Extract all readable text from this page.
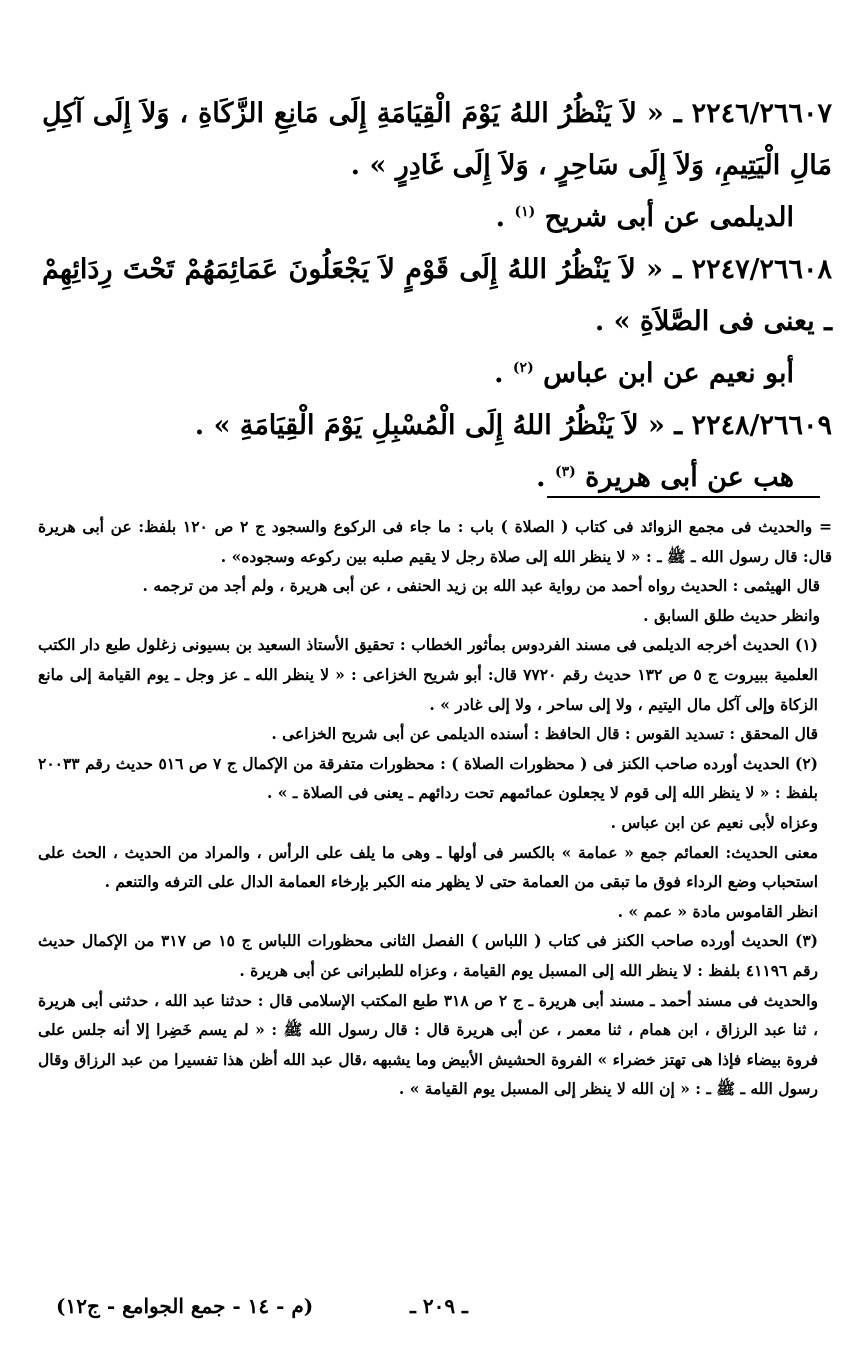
٢٢٤٦/٢٦٦٠٧ ـ « لاَ يَنْظُرُ اللهُ يَوْمَ الْقِيَامَةِ إِلَى مَانِعِ الزَّكَاةِ ، وَلاَ إِلَى آكِلِ مَالِ الْيَتِيمِ، وَلاَ إِلَى سَاحِرٍ ، وَلاَ إِلَى غَادِرٍ » .

الديلمى عن أبى شريح $^{(١)}$ .

٢٢٤٧/٢٦٦٠٨ ـ « لاَ يَنْظُرُ اللهُ إِلَى قَوْمٍ لاَ يَجْعَلُونَ عَمَائِمَهُمْ تَحْتَ رِدَائِهِمْ ـ يعنى فى الصَّلاَةِ » .

أبو نعيم عن ابن عباس $^{(٢)}$ .

٢٢٤٨/٢٦٦٠٩ ـ « لاَ يَنْظُرُ اللهُ إِلَى الْمُسْبِلِ يَوْمَ الْقِيَامَةِ » .

هب عن أبى هريرة $^{(٣)}$ .

= والحديث فى مجمع الزوائد فى كتاب ( الصلاة ) باب : ما جاء فى الركوع والسجود ج ٢ ص ١٢٠ بلفظ: عن أبى هريرة قال: قال رسول الله ـ ﷺ ـ : « لا ينظر الله إلى صلاة رجل لا يقيم صلبه بين ركوعه وسجوده» .

قال الهيثمى : الحديث رواه أحمد من رواية عبد الله بن زيد الحنفى ، عن أبى هريرة ، ولم أجد من ترجمه .

وانظر حديث طلق السابق .

(١) الحديث أخرجه الديلمى فى مسند الفردوس بمأثور الخطاب : تحقيق الأستاذ السعيد بن بسيونى زغلول طبع دار الكتب العلمية ببيروت ج ٥ ص ١٣٢ حديث رقم ٧٧٢٠ قال: أبو شريح الخزاعى : « لا ينظر الله ـ عز وجل ـ يوم القيامة إلى مانع الزكاة وإلى آكل مال اليتيم ، ولا إلى ساحر ، ولا إلى غادر » .

قال المحقق : تسديد القوس : قال الحافظ : أسنده الديلمى عن أبى شريح الخزاعى .

(٢) الحديث أورده صاحب الكنز فى ( محظورات الصلاة ) : محظورات متفرقة من الإكمال ج ٧ ص ٥١٦ حديث رقم ٢٠٠٣٣ بلفظ : « لا ينظر الله إلى قوم لا يجعلون عمائمهم تحت ردائهم ـ يعنى فى الصلاة ـ » .

وعزاه لأبى نعيم عن ابن عباس .

معنى الحديث: العمائم جمع « عمامة » بالكسر فى أولها ـ وهى ما يلف على الرأس ، والمراد من الحديث ، الحث على استحباب وضع الرداء فوق ما تبقى من العمامة حتى لا يظهر منه الكبر بإرخاء العمامة الدال على الترفه والتنعم .

انظر القاموس مادة « عمم » .

(٣) الحديث أورده صاحب الكنز فى كتاب ( اللباس ) الفصل الثانى محظورات اللباس ج ١٥ ص ٣١٧ من الإكمال حديث رقم ٤١١٩٦ بلفظ : لا ينظر الله إلى المسبل يوم القيامة ، وعزاه للطبرانى عن أبى هريرة .

والحديث فى مسند أحمد ـ مسند أبى هريرة ـ ج ٢ ص ٣١٨ طبع المكتب الإسلامى قال : حدثنا عبد الله ، حدثنى أبى هريرة ، ثنا عبد الرزاق ، ابن همام ، ثنا معمر ، عن أبى هريرة قال : قال رسول الله ﷺ : « لم يسم خَضِرا إلا أنه جلس على فروة بيضاء فإذا هى تهتز خضراء » الفروة الحشيش الأبيض وما يشبهه ،قال عبد الله أظن هذا تفسيرا من عبد الرزاق وقال رسول الله ـ ﷺ ـ : « إن الله لا ينظر إلى المسبل يوم القيامة » .

(م - ١٤ - جمع الجوامع - ج١٢)	ـ ٢٠٩ ـ
